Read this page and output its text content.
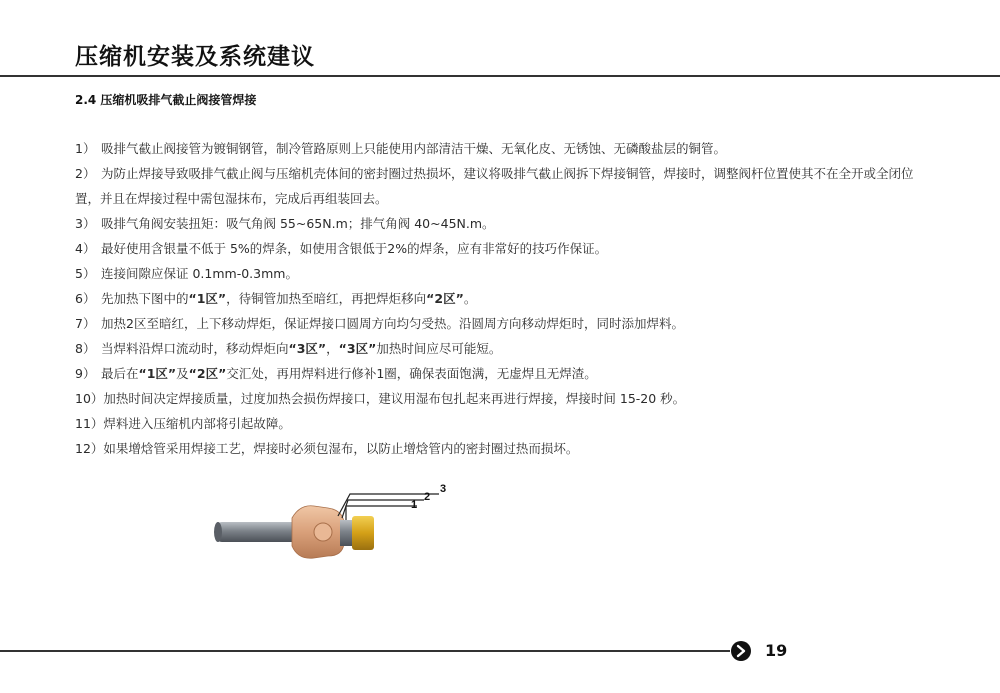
压缩机安装及系统建议
2.4 压缩机吸排气截止阀接管焊接

1） 吸排气截止阀接管为镀铜钢管，制冷管路原则上只能使用内部清洁干燥、无氧化皮、无锈蚀、无磷酸盐层的铜管。

2） 为防止焊接导致吸排气截止阀与压缩机壳体间的密封圈过热损坏，建议将吸排气截止阀拆下焊接铜管，焊接时，调整阀杆位置使其不在全开或全闭位置，并且在焊接过程中需包湿抹布，完成后再组装回去。

3） 吸排气角阀安装扭矩：吸气角阀 55~65N.m；排气角阀 40~45N.m。

4） 最好使用含银量不低于 5%的焊条，如使用含银低于2%的焊条，应有非常好的技巧作保证。

5） 连接间隙应保证 0.1mm-0.3mm。

6） 先加热下图中的“1区”，待铜管加热至暗红，再把焊炬移向“2区”。

7） 加热2区至暗红，上下移动焊炬，保证焊接口圆周方向均匀受热。沿圆周方向移动焊炬时，同时添加焊料。

8） 当焊料沿焊口流动时，移动焊炬向“3区”，“3区”加热时间应尽可能短。

9） 最后在“1区”及“2区”交汇处，再用焊料进行修补1圈，确保表面饱满，无虚焊且无焊渣。

10）加热时间决定焊接质量，过度加热会损伤焊接口，建议用湿布包扎起来再进行焊接，焊接时间 15-20 秒。

11）焊料进入压缩机内部将引起故障。

12）如果增焓管采用焊接工艺，焊接时必须包湿布，以防止增焓管内的密封圈过热而损坏。

1
2
3
19
